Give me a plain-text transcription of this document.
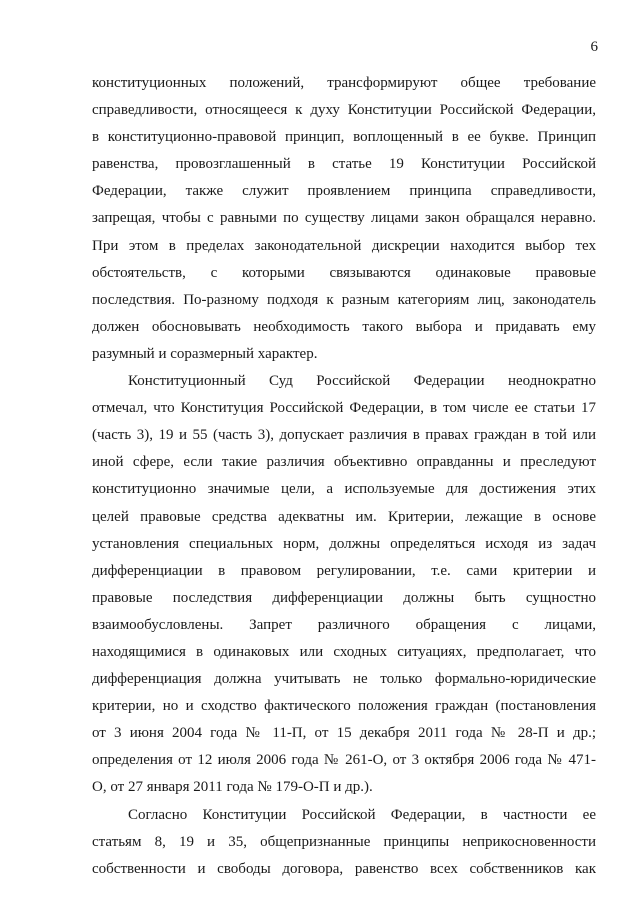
6
конституционных положений, трансформируют общее требование
справедливости, относящееся к духу Конституции Российской Федерации,
в конституционно-правовой принцип, воплощенный в ее букве. Принцип
равенства, провозглашенный в статье 19 Конституции Российской
Федерации, также служит проявлением принципа справедливости,
запрещая, чтобы с равными по существу лицами закон обращался неравно.
При этом в пределах законодательной дискреции находится выбор тех
обстоятельств, с которыми связываются одинаковые правовые
последствия. По-разному подходя к разным категориям лиц, законодатель
должен обосновывать необходимость такого выбора и придавать ему
разумный и соразмерный характер.
Конституционный Суд Российской Федерации неоднократно
отмечал, что Конституция Российской Федерации, в том числе ее статьи 17
(часть 3), 19 и 55 (часть 3), допускает различия в правах граждан в той или
иной сфере, если такие различия объективно оправданны и преследуют
конституционно значимые цели, а используемые для достижения этих
целей правовые средства адекватны им. Критерии, лежащие в основе
установления специальных норм, должны определяться исходя из задач
дифференциации в правовом регулировании, т.е. сами критерии и
правовые последствия дифференциации должны быть сущностно
взаимообусловлены. Запрет различного обращения с лицами,
находящимися в одинаковых или сходных ситуациях, предполагает, что
дифференциация должна учитывать не только формально-юридические
критерии, но и сходство фактического положения граждан (постановления
от 3 июня 2004 года № 11-П, от 15 декабря 2011 года № 28-П и др.;
определения от 12 июля 2006 года № 261-О, от 3 октября 2006 года № 471-
О, от 27 января 2011 года № 179-О-П и др.).
Согласно Конституции Российской Федерации, в частности ее
статьям 8, 19 и 35, общепризнанные принципы неприкосновенности
собственности и свободы договора, равенство всех собственников как
